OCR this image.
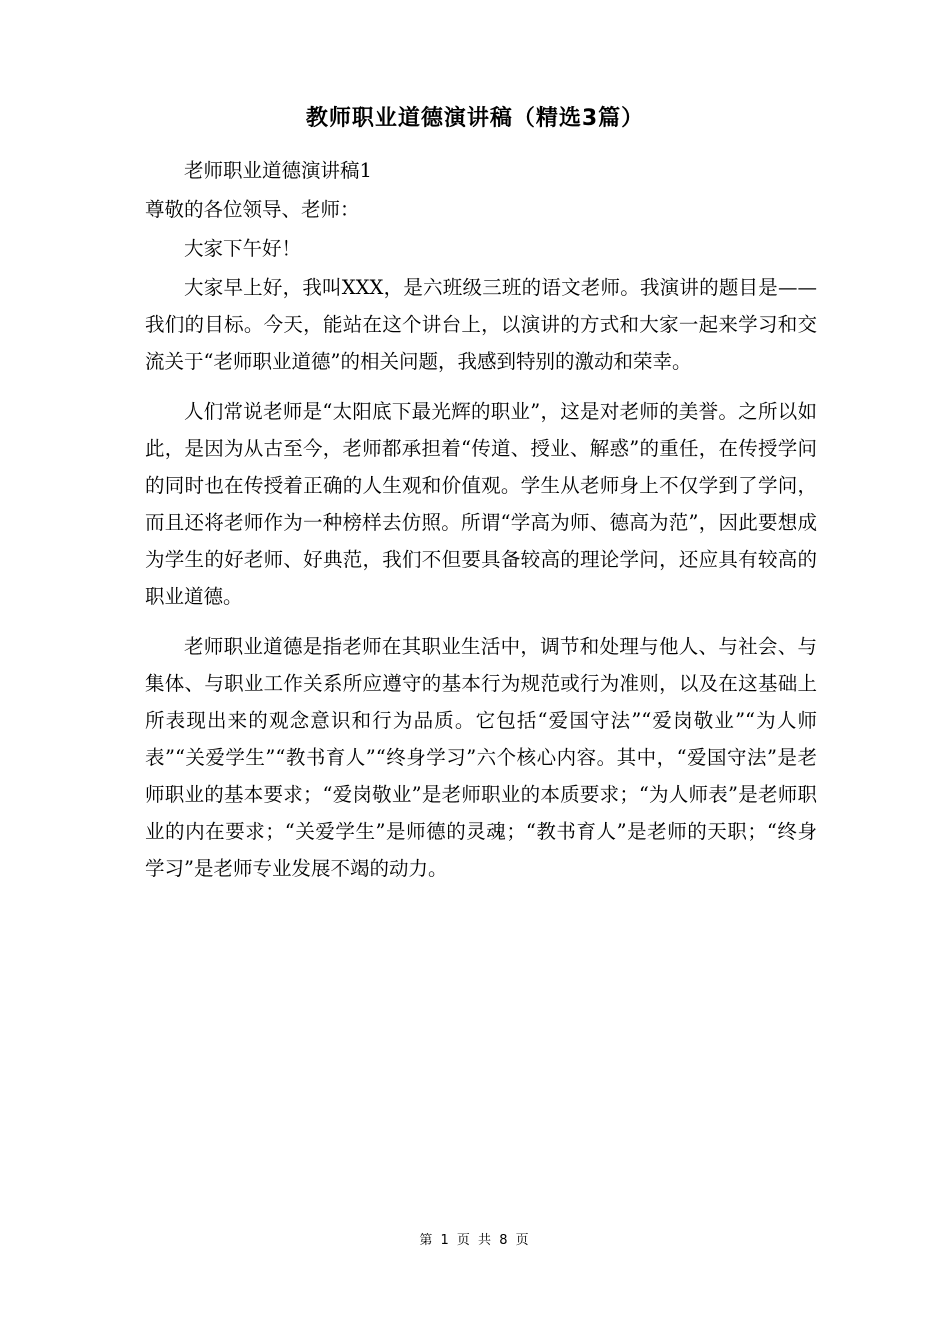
教师职业道德演讲稿（精选3篇）

老师职业道德演讲稿1

尊敬的各位领导、老师：

大家下午好！

大家早上好，我叫XXX，是六班级三班的语文老师。我演讲的题目是——我们的目标。今天，能站在这个讲台上，以演讲的方式和大家一起来学习和交流关于“老师职业道德”的相关问题，我感到特别的激动和荣幸。

人们常说老师是“太阳底下最光辉的职业”，这是对老师的美誉。之所以如此，是因为从古至今，老师都承担着“传道、授业、解惑”的重任，在传授学问的同时也在传授着正确的人生观和价值观。学生从老师身上不仅学到了学问，而且还将老师作为一种榜样去仿照。所谓“学高为师、德高为范”，因此要想成为学生的好老师、好典范，我们不但要具备较高的理论学问，还应具有较高的职业道德。

老师职业道德是指老师在其职业生活中，调节和处理与他人、与社会、与集体、与职业工作关系所应遵守的基本行为规范或行为准则，以及在这基础上所表现出来的观念意识和行为品质。它包括“爱国守法”“爱岗敬业”“为人师表”“关爱学生”“教书育人”“终身学习”六个核心内容。其中，“爱国守法”是老师职业的基本要求；“爱岗敬业”是老师职业的本质要求；“为人师表”是老师职业的内在要求；“关爱学生”是师德的灵魂；“教书育人”是老师的天职；“终身学习”是老师专业发展不竭的动力。

第 1 页 共 8 页
